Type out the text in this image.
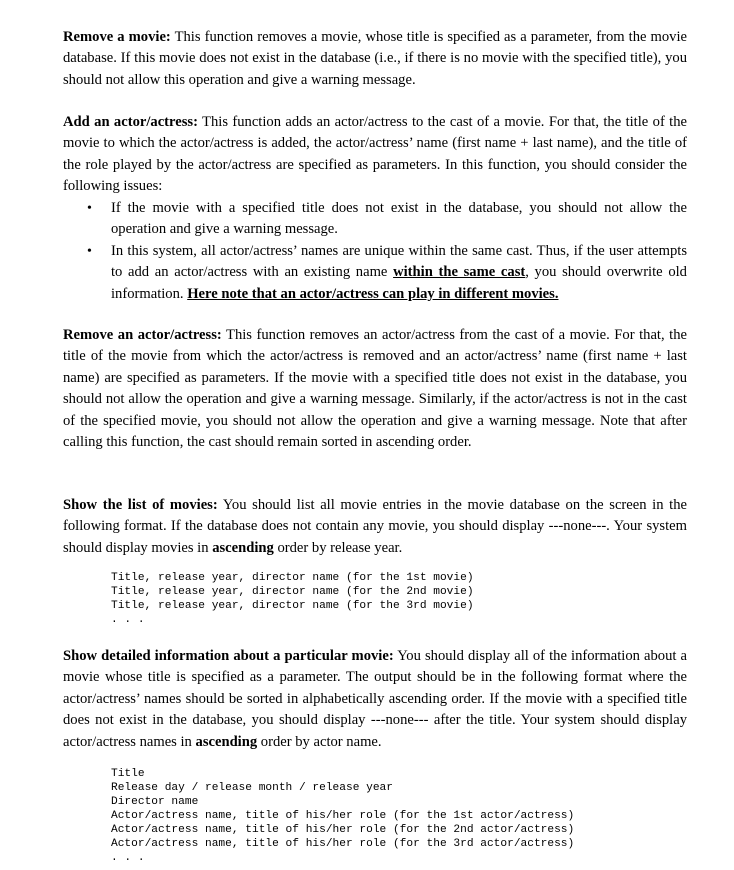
Remove a movie: This function removes a movie, whose title is specified as a parameter, from the movie database. If this movie does not exist in the database (i.e., if there is no movie with the specified title), you should not allow this operation and give a warning message.

Add an actor/actress: This function adds an actor/actress to the cast of a movie. For that, the title of the movie to which the actor/actress is added, the actor/actress’ name (first name + last name), and the title of the role played by the actor/actress are specified as parameters. In this function, you should consider the following issues:

• If the movie with a specified title does not exist in the database, you should not allow the operation and give a warning message.
• In this system, all actor/actress’ names are unique within the same cast. Thus, if the user attempts to add an actor/actress with an existing name within the same cast, you should overwrite old information. Here note that an actor/actress can play in different movies.

Remove an actor/actress: This function removes an actor/actress from the cast of a movie. For that, the title of the movie from which the actor/actress is removed and an actor/actress’ name (first name + last name) are specified as parameters. If the movie with a specified title does not exist in the database, you should not allow the operation and give a warning message. Similarly, if the actor/actress is not in the cast of the specified movie, you should not allow the operation and give a warning message. Note that after calling this function, the cast should remain sorted in ascending order.

Show the list of movies: You should list all movie entries in the movie database on the screen in the following format. If the database does not contain any movie, you should display ---none---. Your system should display movies in ascending order by release year.

Title, release year, director name (for the 1st movie)
Title, release year, director name (for the 2nd movie)
Title, release year, director name (for the 3rd movie)
. . .

Show detailed information about a particular movie: You should display all of the information about a movie whose title is specified as a parameter. The output should be in the following format where the actor/actress’ names should be sorted in alphabetically ascending order. If the movie with a specified title does not exist in the database, you should display ---none--- after the title. Your system should display actor/actress names in ascending order by actor name.

Title
Release day / release month / release year
Director name
Actor/actress name, title of his/her role (for the 1st actor/actress)
Actor/actress name, title of his/her role (for the 2nd actor/actress)
Actor/actress name, title of his/her role (for the 3rd actor/actress)
. . .
